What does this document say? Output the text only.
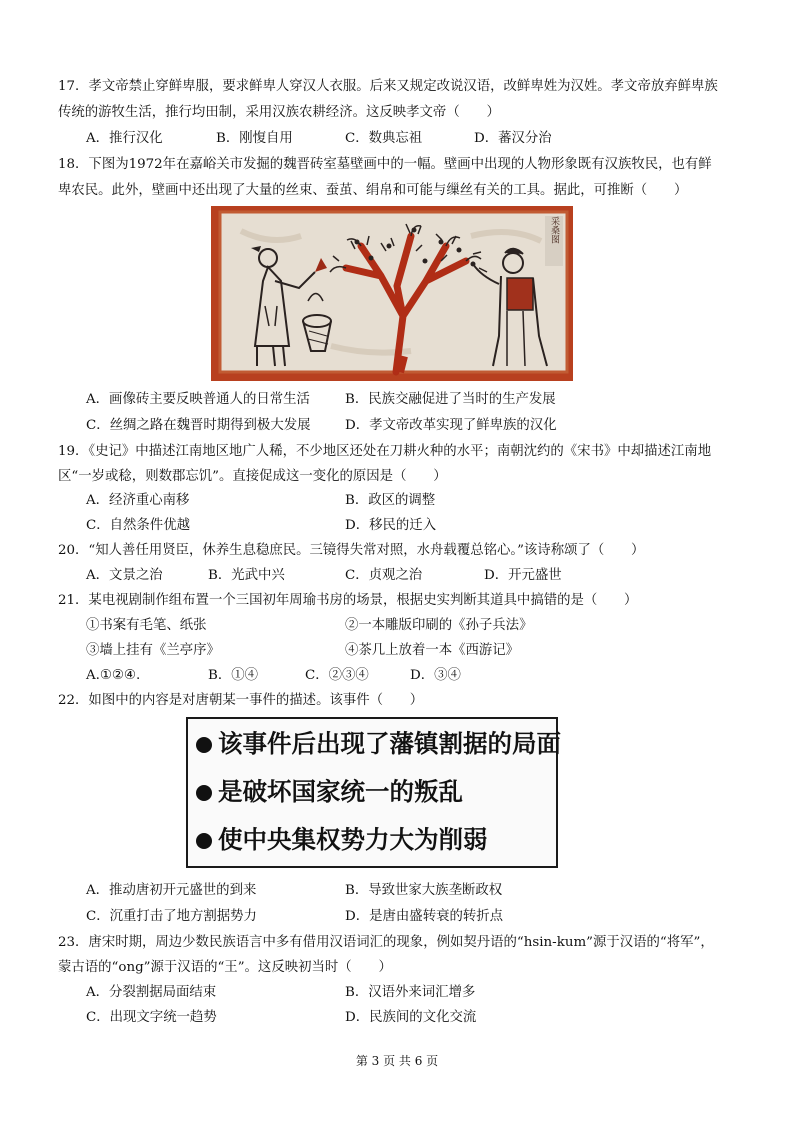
17．孝文帝禁止穿鲜卑服，要求鲜卑人穿汉人衣服。后来又规定改说汉语，改鲜卑姓为汉姓。孝文帝放弃鲜卑族
传统的游牧生活，推行均田制，采用汉族农耕经济。这反映孝文帝（　　）
A．推行汉化	B．刚愎自用	C．数典忘祖	D．蕃汉分治
18．下图为1972年在嘉峪关市发掘的魏晋砖室墓壁画中的一幅。壁画中出现的人物形象既有汉族牧民，也有鲜
卑农民。此外，壁画中还出现了大量的丝束、蚕茧、绢帛和可能与缫丝有关的工具。据此，可推断（　　）
采桑图
A．画像砖主要反映普通人的日常生活	B．民族交融促进了当时的生产发展
C．丝绸之路在魏晋时期得到极大发展	D．孝文帝改革实现了鲜卑族的汉化
19．《史记》中描述江南地区地广人稀，不少地区还处在刀耕火种的水平；南朝沈约的《宋书》中却描述江南地
区“一岁或稔，则数郡忘饥”。直接促成这一变化的原因是（　　）
A．经济重心南移	B．政区的调整
C．自然条件优越	D．移民的迁入
20．“知人善任用贤臣，休养生息稳庶民。三镜得失常对照，水舟载覆总铭心。”该诗称颂了（　　）
A．文景之治	B．光武中兴	C．贞观之治	D．开元盛世
21．某电视剧制作组布置一个三国初年周瑜书房的场景，根据史实判断其道具中搞错的是（　　）
①书案有毛笔、纸张	②一本雕版印刷的《孙子兵法》
③墙上挂有《兰亭序》	④茶几上放着一本《西游记》
A.①②④.	B．①④	C．②③④	D．③④
22．如图中的内容是对唐朝某一事件的描述。该事件（　　）
该事件后出现了藩镇割据的局面
是破坏国家统一的叛乱
使中央集权势力大为削弱
A．推动唐初开元盛世的到来	B．导致世家大族垄断政权
C．沉重打击了地方割据势力	D．是唐由盛转衰的转折点
23．唐宋时期，周边少数民族语言中多有借用汉语词汇的现象，例如契丹语的“hsin-kum”源于汉语的“将军”，
蒙古语的“ong”源于汉语的“王”。这反映初当时（　　）
A．分裂割据局面结束	B．汉语外来词汇增多
C．出现文字统一趋势	D．民族间的文化交流
第 3 页 共 6 页
